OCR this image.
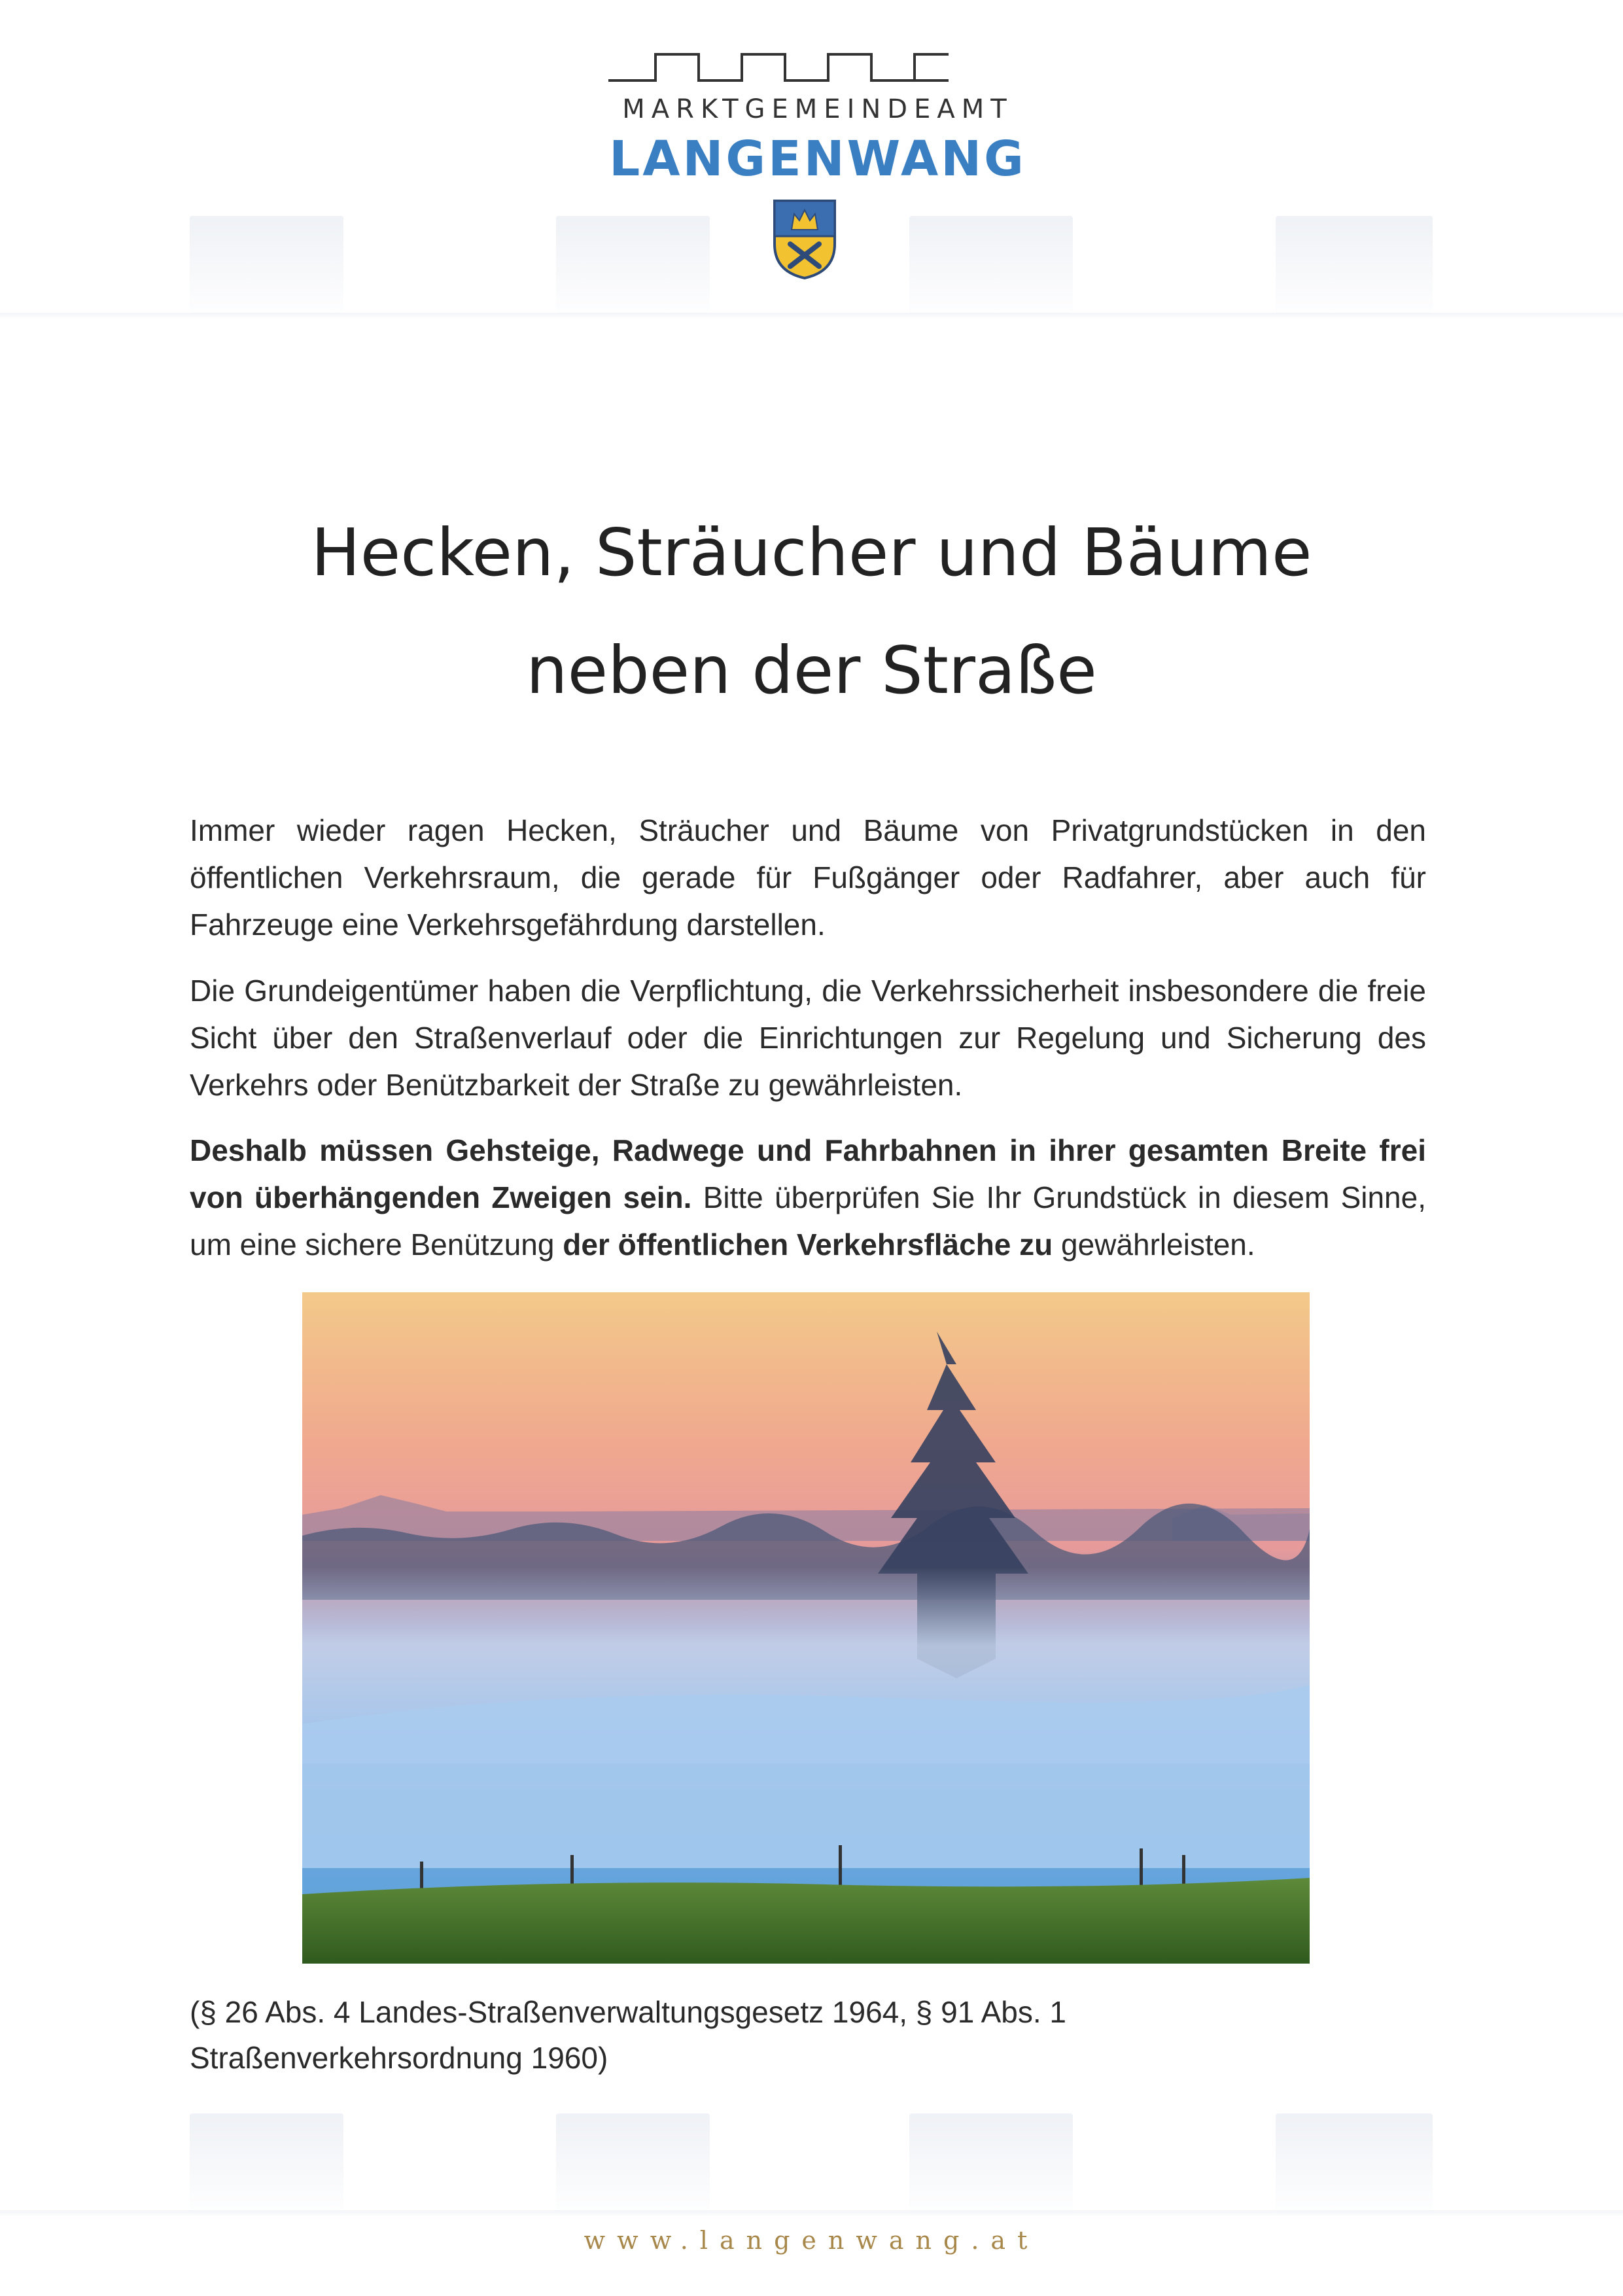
MARKTGEMEINDEAMT
LANGENWANG
Hecken, Sträucher und Bäume
neben der Straße

Immer wieder ragen Hecken, Sträucher und Bäume von Privatgrundstücken in den öffentlichen Verkehrsraum, die gerade für Fußgänger oder Radfahrer, aber auch für Fahrzeuge eine Verkehrsgefährdung darstellen.

Die Grundeigentümer haben die Verpflichtung, die Verkehrssicherheit insbesondere die freie Sicht über den Straßenverlauf oder die Einrichtungen zur Regelung und Sicherung des Verkehrs oder Benützbarkeit der Straße zu gewährleisten.

Deshalb müssen Gehsteige, Radwege und Fahrbahnen in ihrer gesamten Breite frei von überhängenden Zweigen sein. Bitte überprüfen Sie Ihr Grundstück in diesem Sinne, um eine sichere Benützung der öffentlichen Verkehrsfläche zu gewährleisten.

(§ 26 Abs. 4 Landes-Straßenverwaltungsgesetz 1964, § 91 Abs. 1
Straßenverkehrsordnung 1960)
www.langenwang.at
